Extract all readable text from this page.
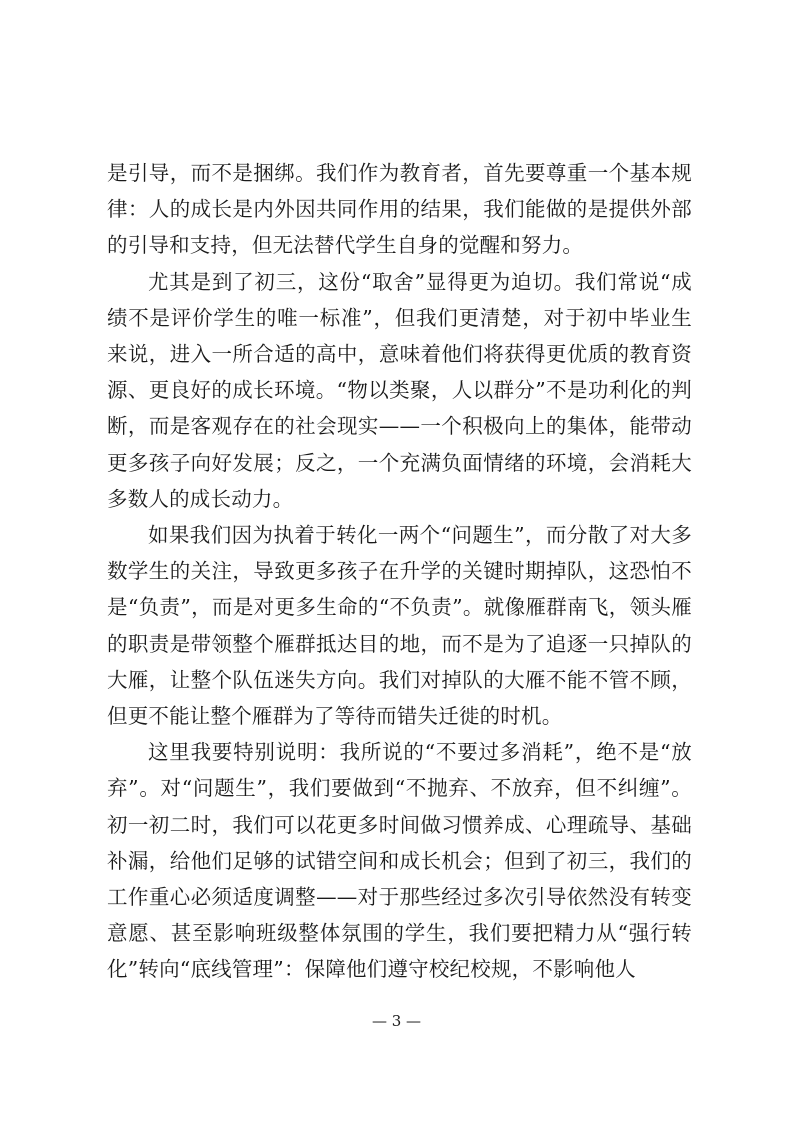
是引导，而不是捆绑。我们作为教育者，首先要尊重一个基本规律：人的成长是内外因共同作用的结果，我们能做的是提供外部的引导和支持，但无法替代学生自身的觉醒和努力。

尤其是到了初三，这份“取舍”显得更为迫切。我们常说“成绩不是评价学生的唯一标准”，但我们更清楚，对于初中毕业生来说，进入一所合适的高中，意味着他们将获得更优质的教育资源、更良好的成长环境。“物以类聚，人以群分”不是功利化的判断，而是客观存在的社会现实——一个积极向上的集体，能带动更多孩子向好发展；反之，一个充满负面情绪的环境，会消耗大多数人的成长动力。

如果我们因为执着于转化一两个“问题生”，而分散了对大多数学生的关注，导致更多孩子在升学的关键时期掉队，这恐怕不是“负责”，而是对更多生命的“不负责”。就像雁群南飞，领头雁的职责是带领整个雁群抵达目的地，而不是为了追逐一只掉队的大雁，让整个队伍迷失方向。我们对掉队的大雁不能不管不顾，但更不能让整个雁群为了等待而错失迁徙的时机。

这里我要特别说明：我所说的“不要过多消耗”，绝不是“放弃”。对“问题生”，我们要做到“不抛弃、不放弃，但不纠缠”。初一初二时，我们可以花更多时间做习惯养成、心理疏导、基础补漏，给他们足够的试错空间和成长机会；但到了初三，我们的工作重心必须适度调整——对于那些经过多次引导依然没有转变意愿、甚至影响班级整体氛围的学生，我们要把精力从“强行转化”转向“底线管理”：保障他们遵守校纪校规，不影响他人

— 3 —
